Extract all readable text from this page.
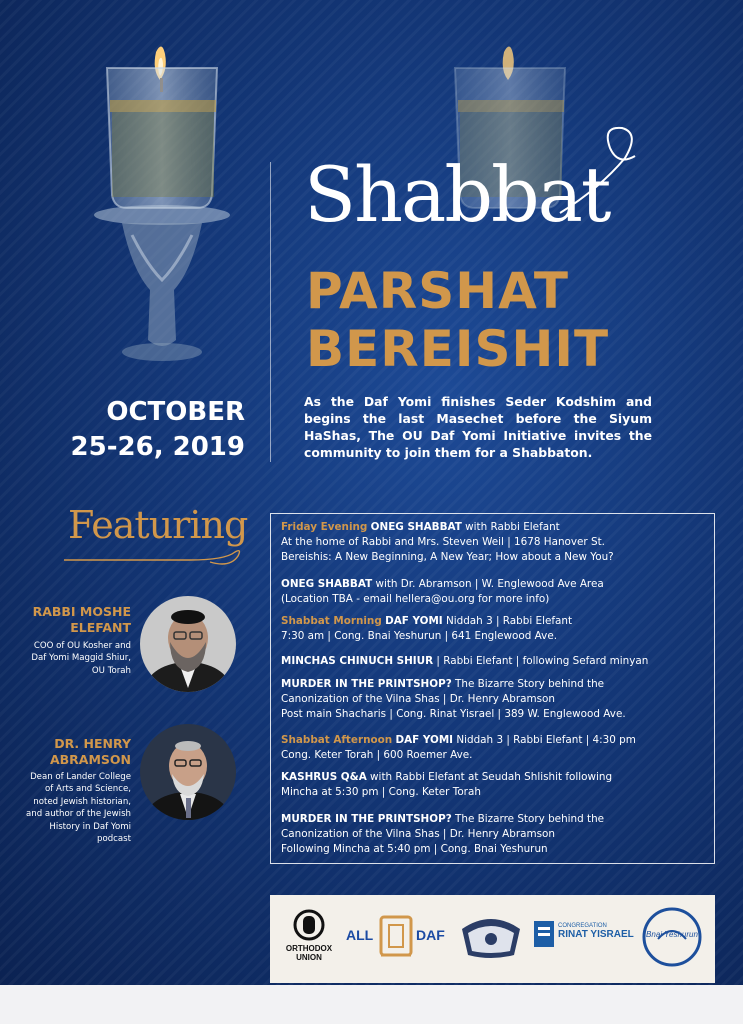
Shabbat
PARSHAT
BEREISHIT
As the Daf Yomi finishes Seder Kodshim and begins the last Masechet before the Siyum HaShas, The OU Daf Yomi Initiative invites the community to join them for a Shabbaton.
OCTOBER
25-26, 2019
Featuring
RABBI MOSHE
ELEFANT
COO of OU Kosher and
Daf Yomi Maggid Shiur,
OU Torah
DR. HENRY
ABRAMSON
Dean of Lander College
of Arts and Science,
noted Jewish historian,
and author of the Jewish
History in Daf Yomi
podcast
Friday Evening ONEG SHABBAT with Rabbi Elefant
At the home of Rabbi and Mrs. Steven Weil | 1678 Hanover St.
Bereishis: A New Beginning, A New Year; How about a New You?
ONEG SHABBAT with Dr. Abramson | W. Englewood Ave Area
(Location TBA - email hellera@ou.org for more info)
Shabbat Morning DAF YOMI Niddah 3 | Rabbi Elefant
7:30 am | Cong. Bnai Yeshurun | 641 Englewood Ave.
MINCHAS CHINUCH SHIUR | Rabbi Elefant | following Sefard minyan
MURDER IN THE PRINTSHOP? The Bizarre Story behind the
Canonization of the Vilna Shas | Dr. Henry Abramson
Post main Shacharis | Cong. Rinat Yisrael | 389 W. Englewood Ave.
Shabbat Afternoon DAF YOMI Niddah 3 | Rabbi Elefant | 4:30 pm
Cong. Keter Torah | 600 Roemer Ave.
KASHRUS Q&A with Rabbi Elefant at Seudah Shlishit following
Mincha at 5:30 pm | Cong. Keter Torah
MURDER IN THE PRINTSHOP? The Bizarre Story behind the
Canonization of the Vilna Shas | Dr. Henry Abramson
Following Mincha at 5:40 pm | Cong. Bnai Yeshurun
ORTHODOX
UNION
ALL	DAF
CONGREGATION
RINAT YISRAEL	Bnai Yeshurun
